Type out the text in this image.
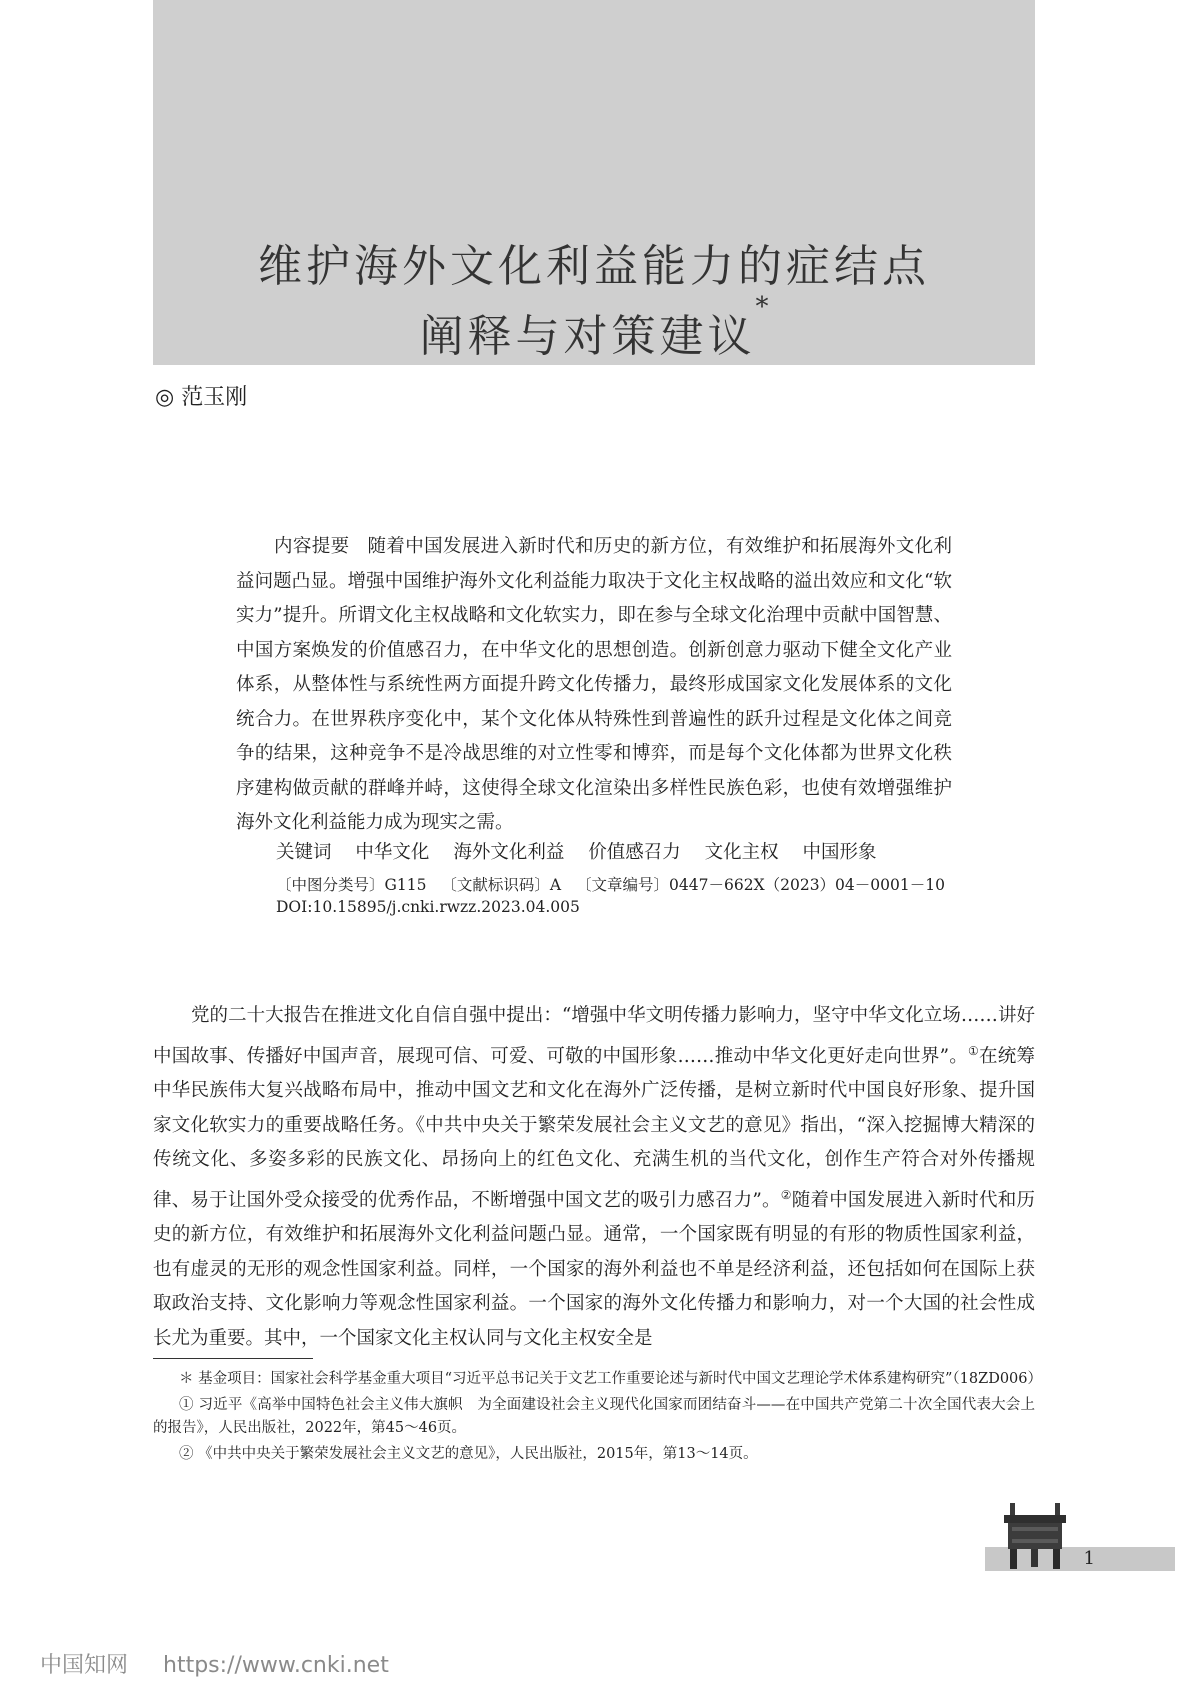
维护海外文化利益能力的症结点
阐释与对策建议*
◎ 范玉刚

内容提要 随着中国发展进入新时代和历史的新方位，有效维护和拓展海外文化利益问题凸显。增强中国维护海外文化利益能力取决于文化主权战略的溢出效应和文化“软实力”提升。所谓文化主权战略和文化软实力，即在参与全球文化治理中贡献中国智慧、中国方案焕发的价值感召力，在中华文化的思想创造。创新创意力驱动下健全文化产业体系，从整体性与系统性两方面提升跨文化传播力，最终形成国家文化发展体系的文化统合力。在世界秩序变化中，某个文化体从特殊性到普遍性的跃升过程是文化体之间竞争的结果，这种竞争不是冷战思维的对立性零和博弈，而是每个文化体都为世界文化秩序建构做贡献的群峰并峙，这使得全球文化渲染出多样性民族色彩，也使有效增强维护海外文化利益能力成为现实之需。

关键词 中华文化 海外文化利益 价值感召力 文化主权 中国形象
〔中图分类号〕G115 〔文献标识码〕A 〔文章编号〕0447－662X（2023）04－0001－10
DOI:10.15895/j.cnki.rwzz.2023.04.005

党的二十大报告在推进文化自信自强中提出：“增强中华文明传播力影响力，坚守中华文化立场……讲好中国故事、传播好中国声音，展现可信、可爱、可敬的中国形象……推动中华文化更好走向世界”。①在统筹中华民族伟大复兴战略布局中，推动中国文艺和文化在海外广泛传播，是树立新时代中国良好形象、提升国家文化软实力的重要战略任务。《中共中央关于繁荣发展社会主义文艺的意见》指出，“深入挖掘博大精深的传统文化、多姿多彩的民族文化、昂扬向上的红色文化、充满生机的当代文化，创作生产符合对外传播规律、易于让国外受众接受的优秀作品，不断增强中国文艺的吸引力感召力”。②随着中国发展进入新时代和历史的新方位，有效维护和拓展海外文化利益问题凸显。通常，一个国家既有明显的有形的物质性国家利益，也有虚灵的无形的观念性国家利益。同样，一个国家的海外利益也不单是经济利益，还包括如何在国际上获取政治支持、文化影响力等观念性国家利益。一个国家的海外文化传播力和影响力，对一个大国的社会性成长尤为重要。其中，一个国家文化主权认同与文化主权安全是

＊ 基金项目：国家社会科学基金重大项目“习近平总书记关于文艺工作重要论述与新时代中国文艺理论学术体系建构研究”（18ZD006）

① 习近平《高举中国特色社会主义伟大旗帜　为全面建设社会主义现代化国家而团结奋斗——在中国共产党第二十次全国代表大会上的报告》，人民出版社，2022年，第45～46页。

② 《中共中央关于繁荣发展社会主义文艺的意见》，人民出版社，2015年，第13～14页。

1
中国知网 https://www.cnki.net
